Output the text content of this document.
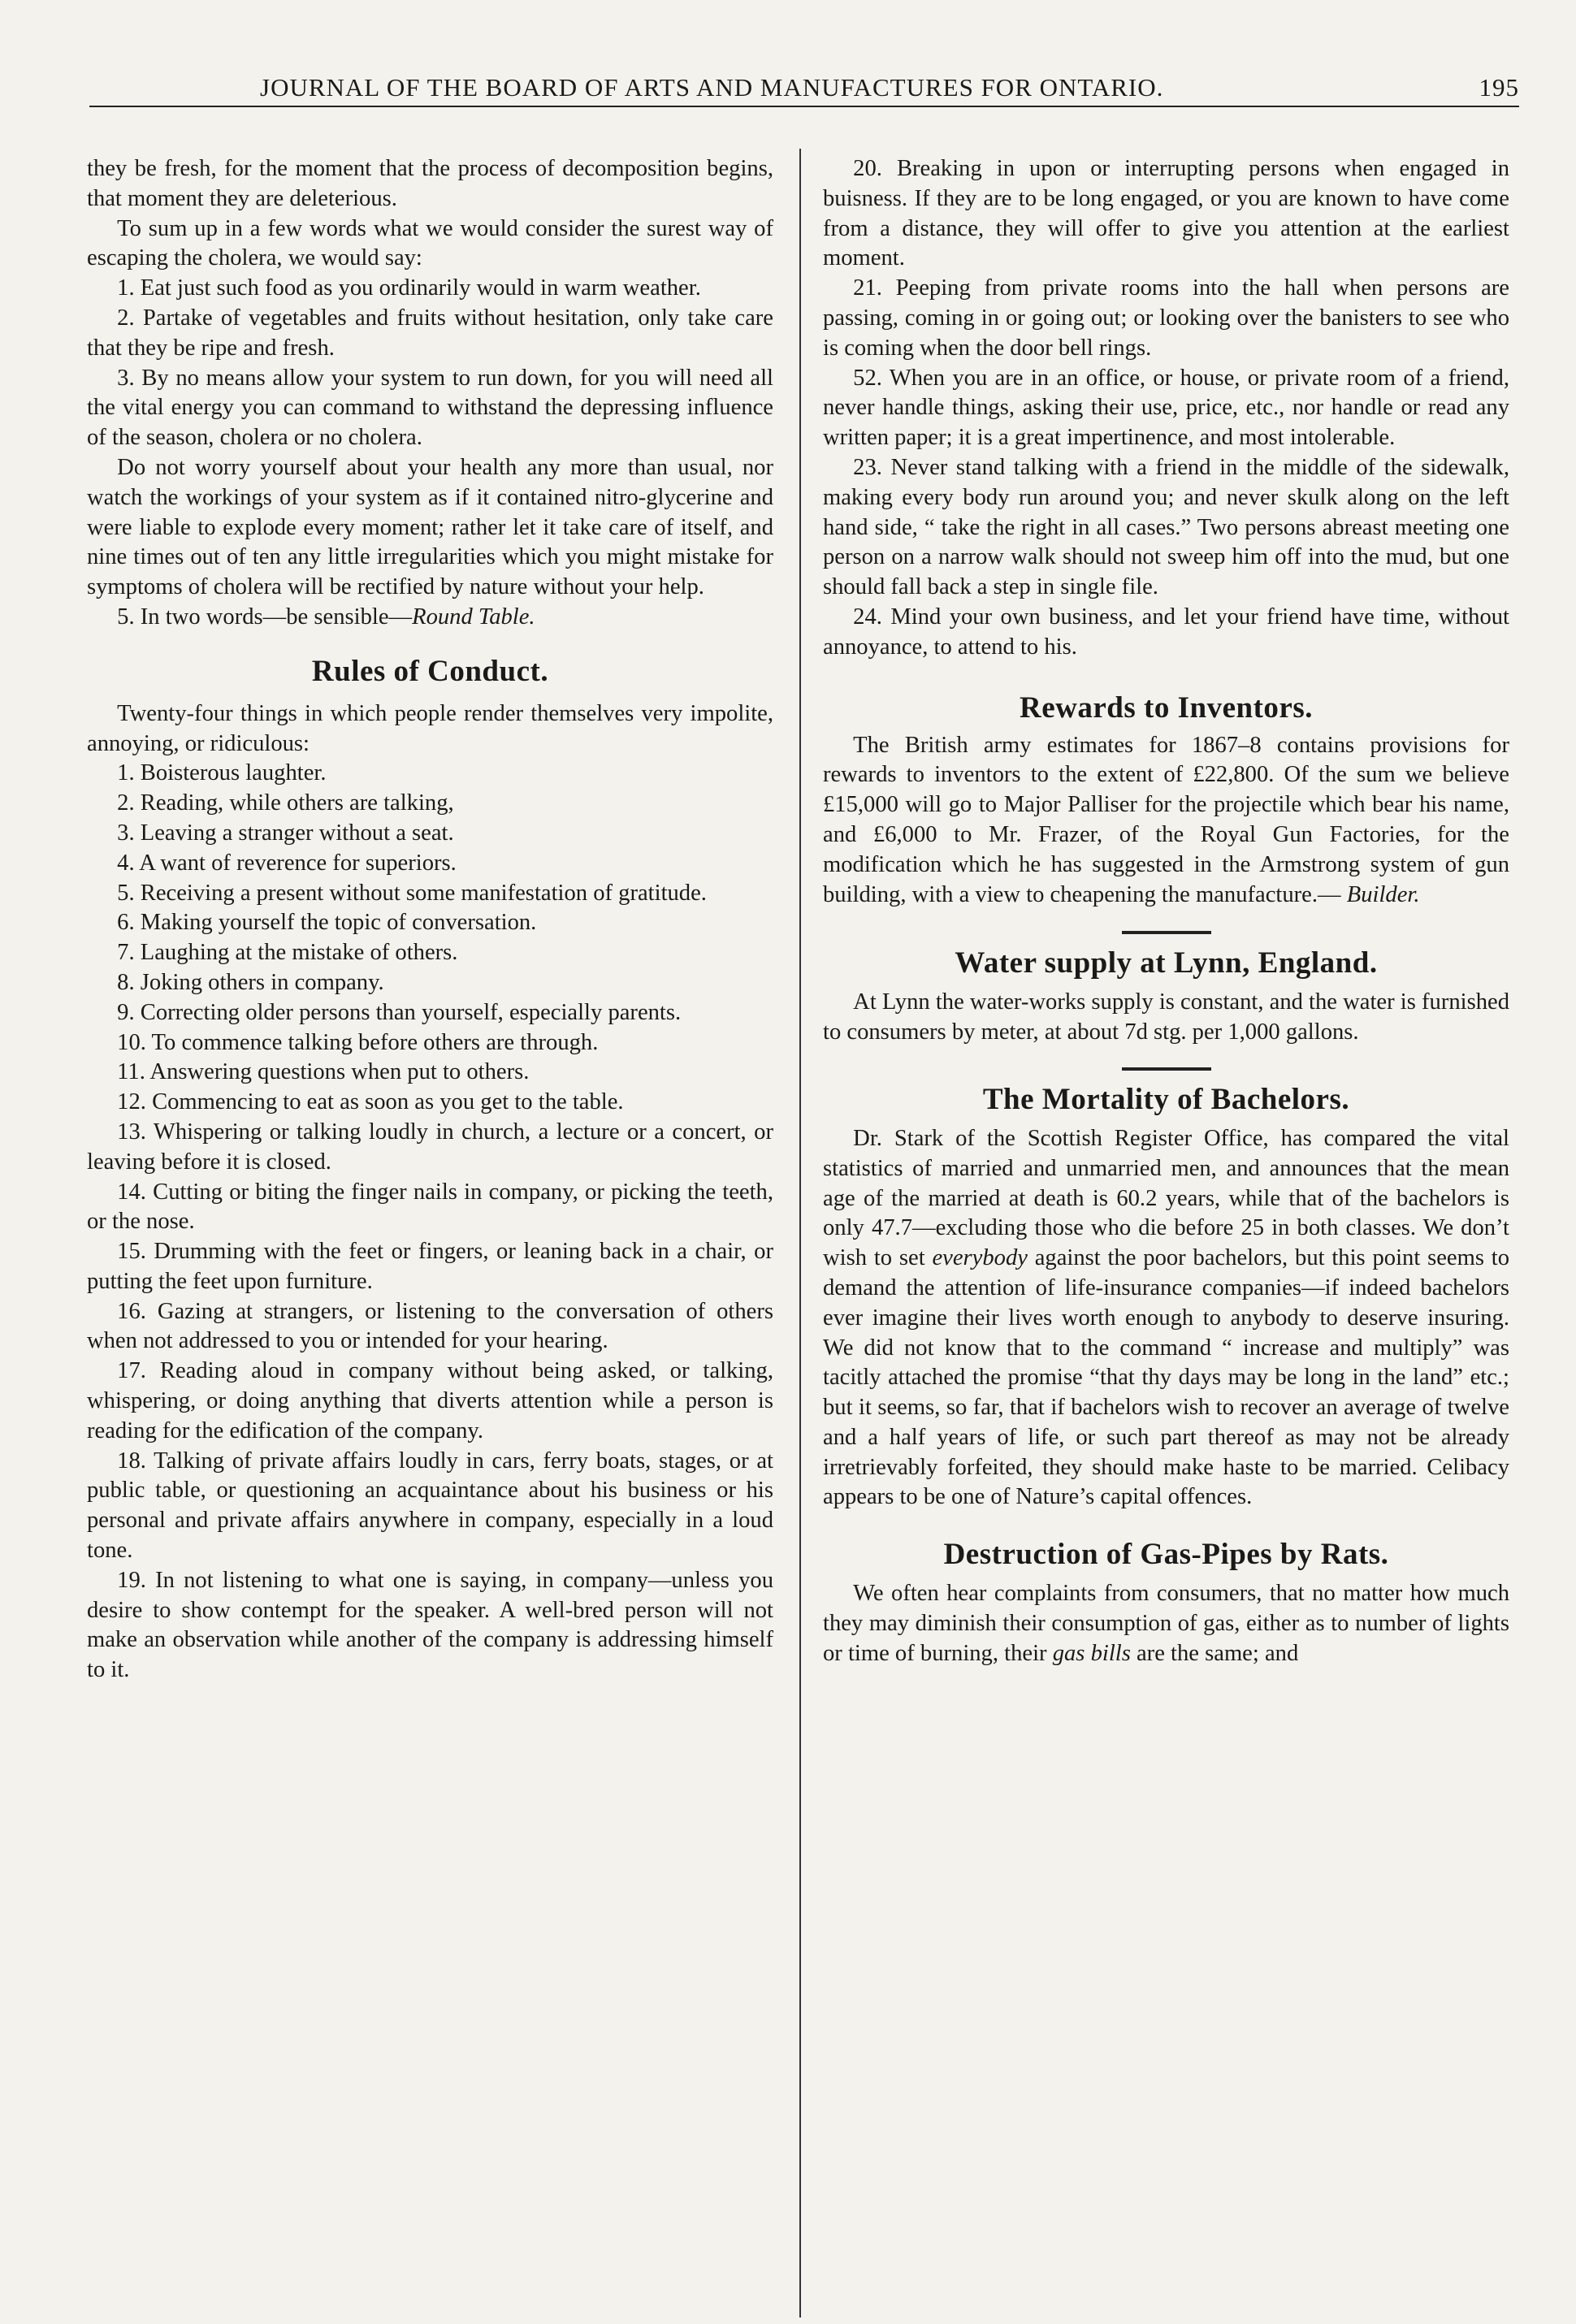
JOURNAL OF THE BOARD OF ARTS AND MANUFACTURES FOR ONTARIO.	195

they be fresh, for the moment that the process of decomposition begins, that moment they are deleterious.

To sum up in a few words what we would consider the surest way of escaping the cholera, we would say:

1. Eat just such food as you ordinarily would in warm weather.

2. Partake of vegetables and fruits without hesitation, only take care that they be ripe and fresh.

3. By no means allow your system to run down, for you will need all the vital energy you can command to withstand the depressing influence of the season, cholera or no cholera.

Do not worry yourself about your health any more than usual, nor watch the workings of your system as if it contained nitro-glycerine and were liable to explode every moment; rather let it take care of itself, and nine times out of ten any little irregularities which you might mistake for symptoms of cholera will be rectified by nature without your help.

5. In two words—be sensible—Round Table.

Rules of Conduct.

Twenty-four things in which people render themselves very impolite, annoying, or ridiculous:

1. Boisterous laughter.

2. Reading, while others are talking,

3. Leaving a stranger without a seat.

4. A want of reverence for superiors.

5. Receiving a present without some manifestation of gratitude.

6. Making yourself the topic of conversation.

7. Laughing at the mistake of others.

8. Joking others in company.

9. Correcting older persons than yourself, especially parents.

10. To commence talking before others are through.

11. Answering questions when put to others.

12. Commencing to eat as soon as you get to the table.

13. Whispering or talking loudly in church, a lecture or a concert, or leaving before it is closed.

14. Cutting or biting the finger nails in company, or picking the teeth, or the nose.

15. Drumming with the feet or fingers, or leaning back in a chair, or putting the feet upon furniture.

16. Gazing at strangers, or listening to the conversation of others when not addressed to you or intended for your hearing.

17. Reading aloud in company without being asked, or talking, whispering, or doing anything that diverts attention while a person is reading for the edification of the company.

18. Talking of private affairs loudly in cars, ferry boats, stages, or at public table, or questioning an acquaintance about his business or his personal and private affairs anywhere in company, especially in a loud tone.

19. In not listening to what one is saying, in company—unless you desire to show contempt for the speaker. A well-bred person will not make an observation while another of the company is addressing himself to it.

20. Breaking in upon or interrupting persons when engaged in buisness. If they are to be long engaged, or you are known to have come from a distance, they will offer to give you attention at the earliest moment.

21. Peeping from private rooms into the hall when persons are passing, coming in or going out; or looking over the banisters to see who is coming when the door bell rings.

52. When you are in an office, or house, or private room of a friend, never handle things, asking their use, price, etc., nor handle or read any written paper; it is a great impertinence, and most intolerable.

23. Never stand talking with a friend in the middle of the sidewalk, making every body run around you; and never skulk along on the left hand side, “ take the right in all cases.” Two persons abreast meeting one person on a narrow walk should not sweep him off into the mud, but one should fall back a step in single file.

24. Mind your own business, and let your friend have time, without annoyance, to attend to his.

Rewards to Inventors.

The British army estimates for 1867–8 contains provisions for rewards to inventors to the extent of £22,800. Of the sum we believe £15,000 will go to Major Palliser for the projectile which bear his name, and £6,000 to Mr. Frazer, of the Royal Gun Factories, for the modification which he has suggested in the Armstrong system of gun building, with a view to cheapening the manufacture.— Builder.

Water supply at Lynn, England.

At Lynn the water-works supply is constant, and the water is furnished to consumers by meter, at about 7d stg. per 1,000 gallons.

The Mortality of Bachelors.

Dr. Stark of the Scottish Register Office, has compared the vital statistics of married and unmarried men, and announces that the mean age of the married at death is 60.2 years, while that of the bachelors is only 47.7—excluding those who die before 25 in both classes. We don’t wish to set everybody against the poor bachelors, but this point seems to demand the attention of life-insurance companies—if indeed bachelors ever imagine their lives worth enough to anybody to deserve insuring. We did not know that to the command “ increase and multiply” was tacitly attached the promise “that thy days may be long in the land” etc.; but it seems, so far, that if bachelors wish to recover an average of twelve and a half years of life, or such part thereof as may not be already irretrievably forfeited, they should make haste to be married. Celibacy appears to be one of Nature’s capital offences.

Destruction of Gas-Pipes by Rats.

We often hear complaints from consumers, that no matter how much they may diminish their consumption of gas, either as to number of lights or time of burning, their gas bills are the same; and
